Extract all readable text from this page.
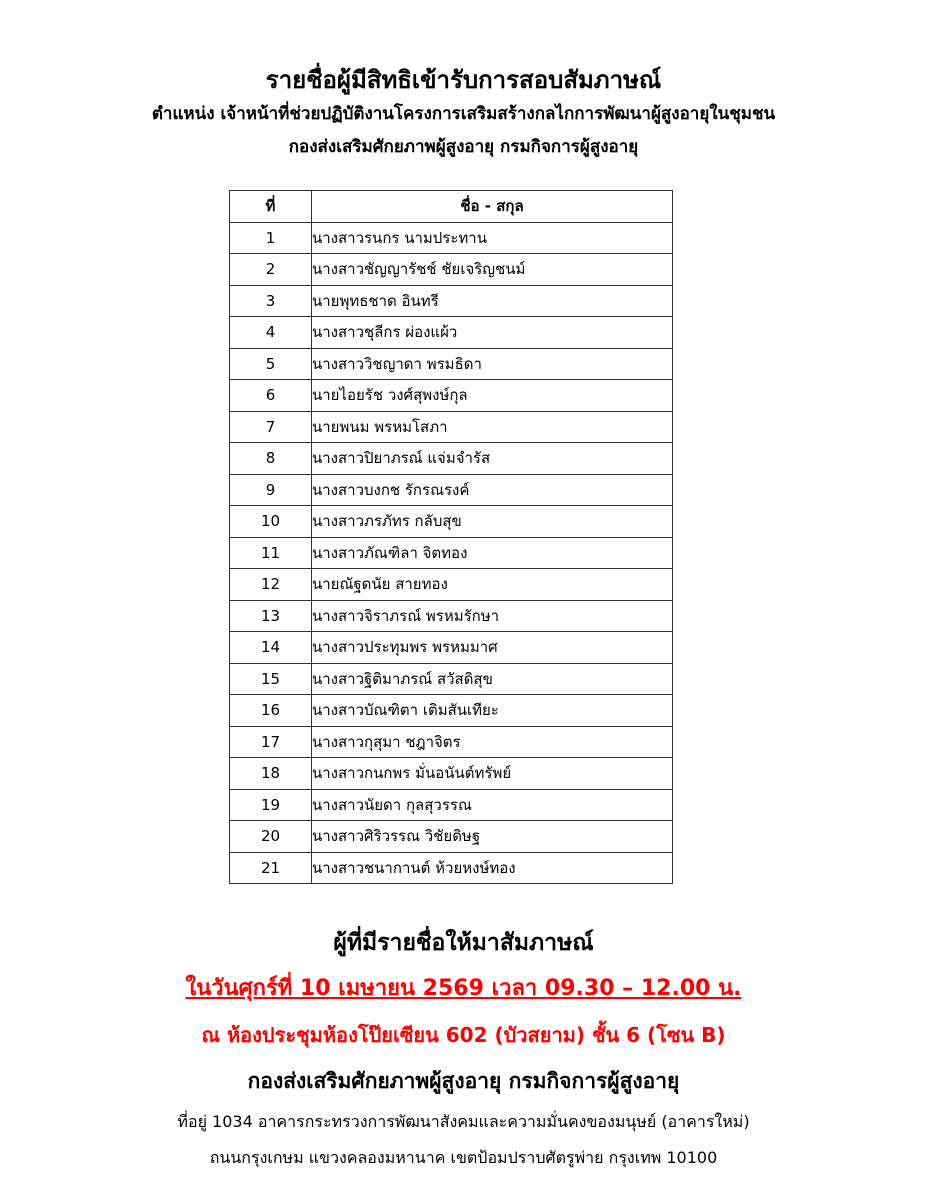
รายชื่อผู้มีสิทธิเข้ารับการสอบสัมภาษณ์

ตำแหน่ง เจ้าหน้าที่ช่วยปฏิบัติงานโครงการเสริมสร้างกลไกการพัฒนาผู้สูงอายุในชุมชน

กองส่งเสริมศักยภาพผู้สูงอายุ กรมกิจการผู้สูงอายุ

ที่	ชื่อ - สกุล
1	นางสาวรนกร นามประทาน
2	นางสาวชัญญารัชช์ ชัยเจริญชนม์
3	นายพุทธชาด อินทรี
4	นางสาวชุลีกร ผ่องแผ้ว
5	นางสาววิชญาดา พรมธิดา
6	นายไอยรัช วงศ์สุพงษ์กุล
7	นายพนม พรหมโสภา
8	นางสาวปิยาภรณ์ แจ่มจำรัส
9	นางสาวบงกช รักรณรงค์
10	นางสาวภรภัทร กลับสุข
11	นางสาวภัณฑิลา จิตทอง
12	นายณัฐดนัย สายทอง
13	นางสาวจิราภรณ์ พรหมรักษา
14	นางสาวประทุมพร พรหมมาศ
15	นางสาวฐิติมาภรณ์ สวัสดิสุข
16	นางสาวบัณฑิตา เติมสันเทียะ
17	นางสาวกุสุมา ชฎาจิตร
18	นางสาวกนกพร มั่นอนันต์ทรัพย์
19	นางสาวนัยดา กุลสุวรรณ
20	นางสาวศิริวรรณ วิชัยดิษฐ
21	นางสาวชนากานต์ ห้วยหงษ์ทอง

ผู้ที่มีรายชื่อให้มาสัมภาษณ์

ในวันศุกร์ที่ 10 เมษายน 2569 เวลา 09.30 – 12.00 น.

ณ ห้องประชุมห้องโป๊ยเซียน 602 (บัวสยาม) ชั้น 6 (โซน B)

กองส่งเสริมศักยภาพผู้สูงอายุ กรมกิจการผู้สูงอายุ

ที่อยู่ 1034 อาคารกระทรวงการพัฒนาสังคมและความมั่นคงของมนุษย์ (อาคารใหม่)

ถนนกรุงเกษม แขวงคลองมหานาค เขตป้อมปราบศัตรูพ่าย กรุงเทพ 10100
